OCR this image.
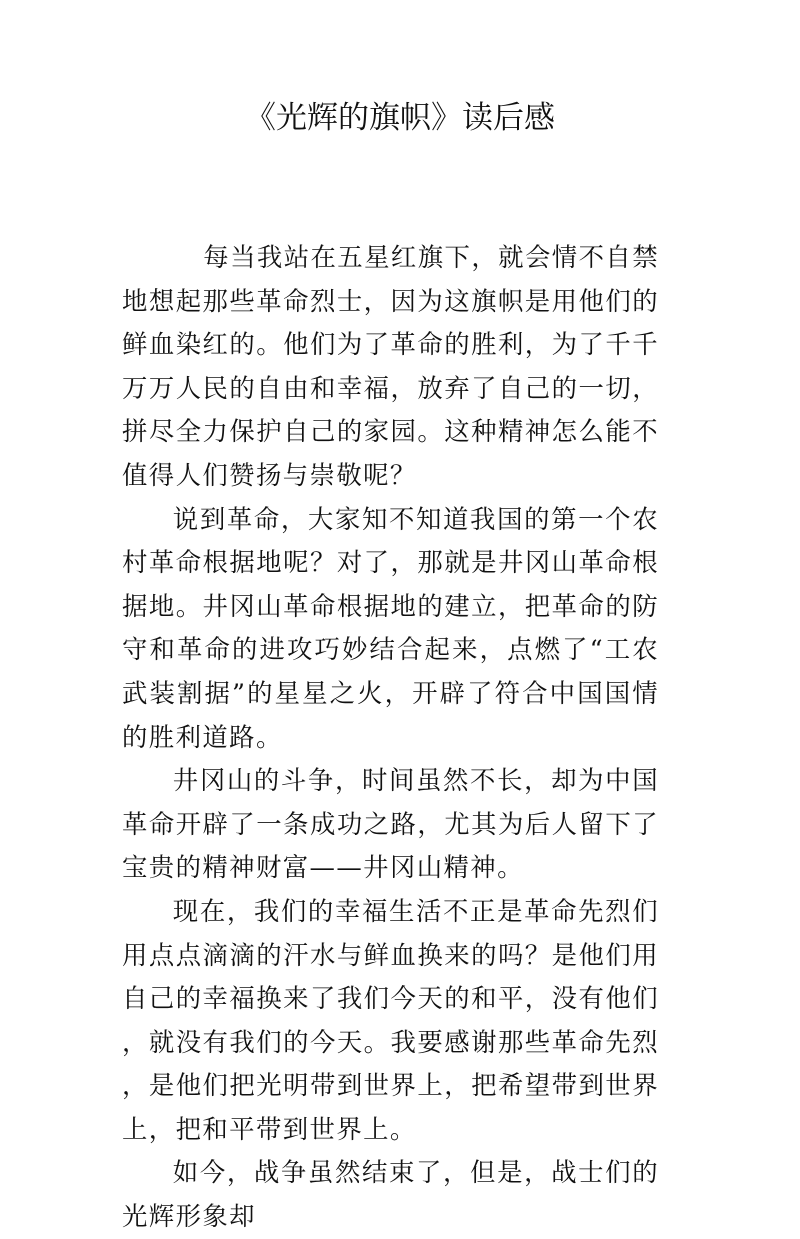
《光辉的旗帜》读后感

每当我站在五星红旗下，就会情不自禁地想起那些革命烈士，因为这旗帜是用他们的鲜血染红的。他们为了革命的胜利，为了千千万万人民的自由和幸福，放弃了自己的一切，拼尽全力保护自己的家园。这种精神怎么能不值得人们赞扬与崇敬呢？

说到革命，大家知不知道我国的第一个农村革命根据地呢？对了，那就是井冈山革命根据地。井冈山革命根据地的建立，把革命的防守和革命的进攻巧妙结合起来，点燃了“工农武装割据”的星星之火，开辟了符合中国国情的胜利道路。

井冈山的斗争，时间虽然不长，却为中国革命开辟了一条成功之路，尤其为后人留下了宝贵的精神财富——井冈山精神。

现在，我们的幸福生活不正是革命先烈们用点点滴滴的汗水与鲜血换来的吗？是他们用自己的幸福换来了我们今天的和平，没有他们，就没有我们的今天。我要感谢那些革命先烈，是他们把光明带到世界上，把希望带到世界上，把和平带到世界上。

如今，战争虽然结束了，但是，战士们的光辉形象却
